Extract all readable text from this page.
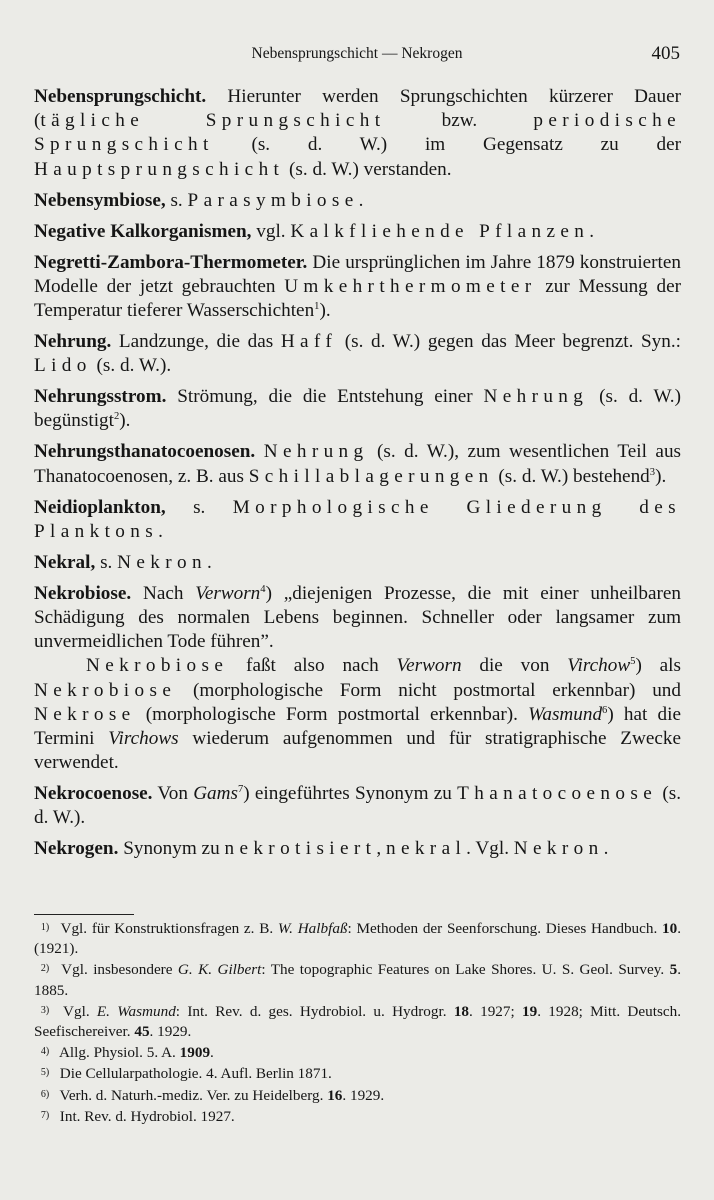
Nebensprungschicht — Nekrogen	405

Nebensprungschicht. Hierunter werden Sprungschichten kürzerer Dauer (tägliche Sprungschicht bzw. periodische Sprungschicht (s. d. W.) im Gegensatz zu der Hauptsprungschicht (s. d. W.) verstanden.

Nebensymbiose, s. Parasymbiose.

Negative Kalkorganismen, vgl. Kalkfliehende Pflanzen.

Negretti-Zambora-Thermometer. Die ursprünglichen im Jahre 1879 konstruierten Modelle der jetzt gebrauchten Umkehrthermometer zur Messung der Temperatur tieferer Wasserschichten$^1$).

Nehrung. Landzunge, die das Haff (s. d. W.) gegen das Meer begrenzt. Syn.: Lido (s. d. W.).

Nehrungsstrom. Strömung, die die Entstehung einer Nehrung (s. d. W.) begünstigt$^2$).

Nehrungsthanatocoenosen. Nehrung (s. d. W.), zum wesentlichen Teil aus Thanatocoenosen, z. B. aus Schillablagerungen (s. d. W.) bestehend$^3$).

Neidioplankton, s. Morphologische Gliederung des Planktons.

Nekral, s. Nekron.

Nekrobiose. Nach Verworn$^4$) „diejenigen Prozesse, die mit einer unheilbaren Schädigung des normalen Lebens beginnen. Schneller oder langsamer zum unvermeidlichen Tode führen”.

Nekrobiose faßt also nach Verworn die von Virchow$^5$) als Nekrobiose (morphologische Form nicht postmortal erkennbar) und Nekrose (morphologische Form postmortal erkennbar). Wasmund$^6$) hat die Termini Virchows wiederum aufgenommen und für stratigraphische Zwecke verwendet.

Nekrocoenose. Von Gams$^7$) eingeführtes Synonym zu Thanatocoenose (s. d. W.).

Nekrogen. Synonym zu nekrotisiert, nekral. Vgl. Nekron.

1) Vgl. für Konstruktionsfragen z. B. W. Halbfaß: Methoden der Seenforschung. Dieses Handbuch. 10. (1921).
2) Vgl. insbesondere G. K. Gilbert: The topographic Features on Lake Shores. U. S. Geol. Survey. 5. 1885.
3) Vgl. E. Wasmund: Int. Rev. d. ges. Hydrobiol. u. Hydrogr. 18. 1927; 19. 1928; Mitt. Deutsch. Seefischereiver. 45. 1929.
4) Allg. Physiol. 5. A. 1909.
5) Die Cellularpathologie. 4. Aufl. Berlin 1871.
6) Verh. d. Naturh.-mediz. Ver. zu Heidelberg. 16. 1929.
7) Int. Rev. d. Hydrobiol. 1927.
